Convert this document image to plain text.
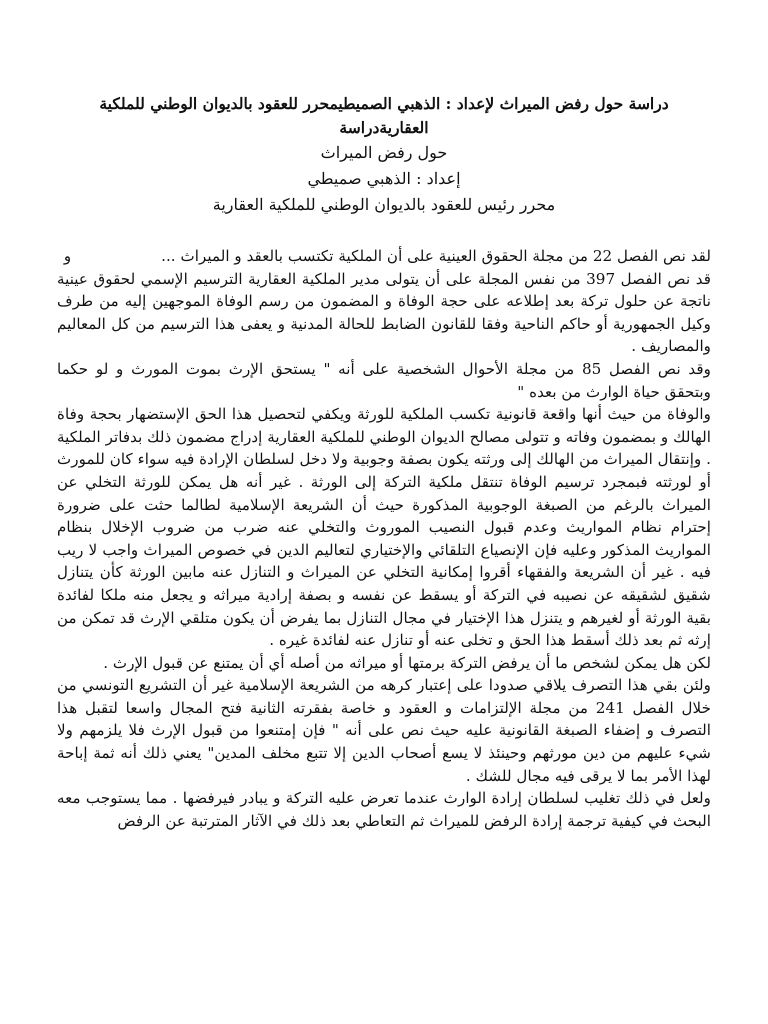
دراسة حول رفض الميراث لإعداد : الذهبي الصميطيمحرر للعقود بالديوان الوطني للملكية العقاريةدراسة
حول رفض الميراث
إعداد : الذهبي صميطي
محرر رئيس للعقود بالديوان الوطني للملكية العقارية

لقد نص الفصل 22 من مجلة الحقوق العينية على أن الملكية تكتسب بالعقد و الميراث ...و

قد نص الفصل 397 من نفس المجلة على أن يتولى مدير الملكية العقارية الترسيم الإسمي لحقوق عينية ناتجة عن حلول تركة بعد إطلاعه على حجة الوفاة و المضمون من رسم الوفاة الموجهين إليه من طرف وكيل الجمهورية أو حاكم الناحية وفقا للقانون الضابط للحالة المدنية و يعفى هذا الترسيم من كل المعاليم والمصاريف .

وقد نص الفصل 85 من مجلة الأحوال الشخصية على أنه " يستحق الإرث بموت المورث و لو حكما وبتحقق حياة الوارث من بعده "

والوفاة من حيث أنها واقعة قانونية تكسب الملكية للورثة ويكفي لتحصيل هذا الحق الإستضهار بحجة وفاة الهالك و بمضمون وفاته و تتولى مصالح الديوان الوطني للملكية العقارية إدراج مضمون ذلك بدفاتر الملكية . وإنتقال الميراث من الهالك إلى ورثته يكون بصفة وجوبية ولا دخل لسلطان الإرادة فيه سواء كان للمورث أو لورثته فبمجرد ترسيم الوفاة تنتقل ملكية التركة إلى الورثة . غير أنه هل يمكن للورثة التخلي عن الميراث بالرغم من الصبغة الوجوبية المذكورة حيث أن الشريعة الإسلامية لطالما حثت على ضرورة إحترام نظام المواريث وعدم قبول النصيب الموروث والتخلي عنه ضرب من ضروب الإخلال بنظام المواريث المذكور وعليه فإن الإنصياع التلقائي والإختياري لتعاليم الدين في خصوص الميراث واجب لا ريب فيه . غير أن الشريعة والفقهاء أقروا إمكانية التخلي عن الميراث و التنازل عنه مابين الورثة كأن يتنازل شقيق لشقيقه عن نصيبه في التركة أو يسقط عن نفسه و بصفة إرادية ميراثه و يجعل منه ملكا لفائدة بقية الورثة أو لغيرهم و يتنزل هذا الإختيار في مجال التنازل بما يفرض أن يكون متلقي الإرث قد تمكن من إرثه ثم بعد ذلك أسقط هذا الحق و تخلى عنه أو تنازل عنه لفائدة غيره .

لكن هل يمكن لشخص ما أن يرفض التركة برمتها أو ميراثه من أصله أي أن يمتنع عن قبول الإرث .

ولئن بقي هذا التصرف يلاقي صدودا على إعتبار كرهه من الشريعة الإسلامية غير أن التشريع التونسي من خلال الفصل 241 من مجلة الإلتزامات و العقود و خاصة بفقرته الثانية فتح المجال واسعا لتقبل هذا التصرف و إضفاء الصبغة القانونية عليه حيث نص على أنه " فإن إمتنعوا من قبول الإرث فلا يلزمهم ولا شيء عليهم من دين مورثهم وحينئذ لا يسع أصحاب الدين إلا تتبع مخلف المدين" يعني ذلك أنه ثمة إباحة لهذا الأمر بما لا يرقى فيه مجال للشك .

ولعل في ذلك تغليب لسلطان إرادة الوارث عندما تعرض عليه التركة و يبادر فيرفضها . مما يستوجب معه البحث في كيفية ترجمة إرادة الرفض للميراث ثم التعاطي بعد ذلك في الآثار المترتبة عن الرفض
